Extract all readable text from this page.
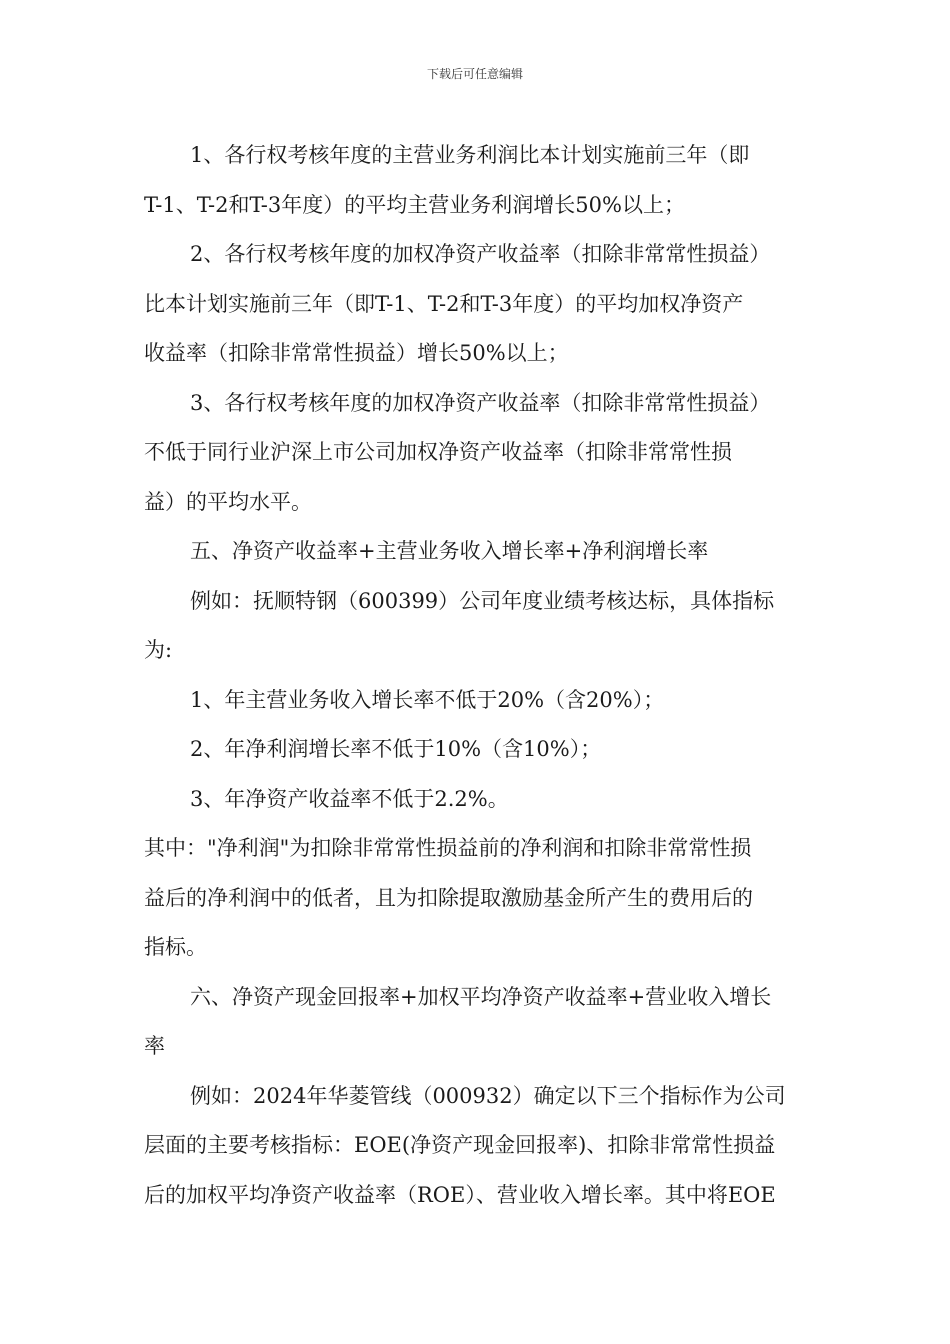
下载后可任意编辑

1、各行权考核年度的主营业务利润比本计划实施前三年（即

T-1、T-2和T-3年度）的平均主营业务利润增长50%以上；

2、各行权考核年度的加权净资产收益率（扣除非常常性损益）

比本计划实施前三年（即T-1、T-2和T-3年度）的平均加权净资产

收益率（扣除非常常性损益）增长50%以上；

3、各行权考核年度的加权净资产收益率（扣除非常常性损益）

不低于同行业沪深上市公司加权净资产收益率（扣除非常常性损

益）的平均水平。

五、净资产收益率+主营业务收入增长率+净利润增长率

例如：抚顺特钢（600399）公司年度业绩考核达标，具体指标

为:

1、年主营业务收入增长率不低于20%（含20%）；

2、年净利润增长率不低于10%（含10%）；

3、年净资产收益率不低于2.2%。

其中："净利润"为扣除非常常性损益前的净利润和扣除非常常性损

益后的净利润中的低者，且为扣除提取激励基金所产生的费用后的

指标。

六、净资产现金回报率+加权平均净资产收益率+营业收入增长

率

例如：2024年华菱管线（000932）确定以下三个指标作为公司

层面的主要考核指标：EOE(净资产现金回报率)、扣除非常常性损益

后的加权平均净资产收益率（ROE）、营业收入增长率。其中将EOE
